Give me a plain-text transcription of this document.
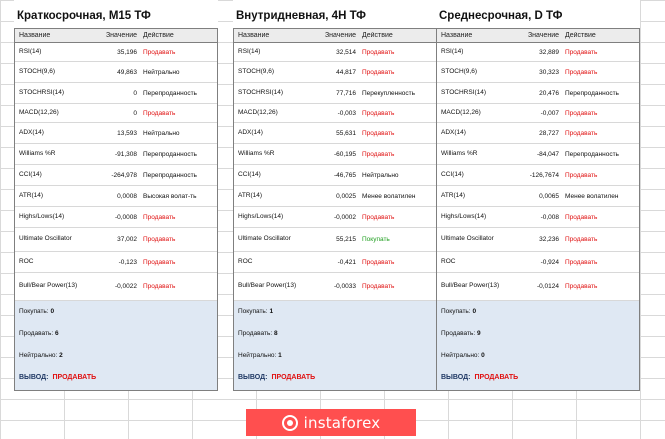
Краткосрочная, M15 ТФ
Название	Значение Действие
RSI(14)	35,196 Продавать
STOCH(9,6)	49,863 Нейтрально
STOCHRSI(14)	0 Перепроданность
MACD(12,26)	0 Продавать
ADX(14)	13,593 Нейтрально
Williams %R	-91,308 Перепроданность
CCI(14)	-264,978 Перепроданность
ATR(14)	0,0008 Высокая волат-ть
Highs/Lows(14)	-0,0008 Продавать
Ultimate Oscillator	37,002 Продавать
ROC	-0,123 Продавать
Bull/Bear Power(13)	-0,0022 Продавать
Покупать: 0
Продавать: 6
Нейтрально: 2
ВЫВОД: ПРОДАВАТЬ
Внутридневная, 4H ТФ
Название	Значение Действие
RSI(14)	32,514 Продавать
STOCH(9,6)	44,817 Продавать
STOCHRSI(14)	77,716 Перекупленность
MACD(12,26)	-0,003 Продавать
ADX(14)	55,631 Продавать
Williams %R	-60,195 Продавать
CCI(14)	-46,765 Нейтрально
ATR(14)	0,0025 Менее волатилен
Highs/Lows(14)	-0,0002 Продавать
Ultimate Oscillator	55,215 Покупать
ROC	-0,421 Продавать
Bull/Bear Power(13)	-0,0033 Продавать
Покупать: 1
Продавать: 8
Нейтрально: 1
ВЫВОД: ПРОДАВАТЬ
Среднесрочная, D ТФ
Название	Значение Действие
RSI(14)	32,889 Продавать
STOCH(9,6)	30,323 Продавать
STOCHRSI(14)	20,476 Перепроданность
MACD(12,26)	-0,007 Продавать
ADX(14)	28,727 Продавать
Williams %R	-84,047 Перепроданность
CCI(14)	-126,7674 Продавать
ATR(14)	0,0065 Менее волатилен
Highs/Lows(14)	-0,008 Продавать
Ultimate Oscillator	32,236 Продавать
ROC	-0,924 Продавать
Bull/Bear Power(13)	-0,0124 Продавать
Покупать: 0
Продавать: 9
Нейтрально: 0
ВЫВОД: ПРОДАВАТЬ
instaforex
